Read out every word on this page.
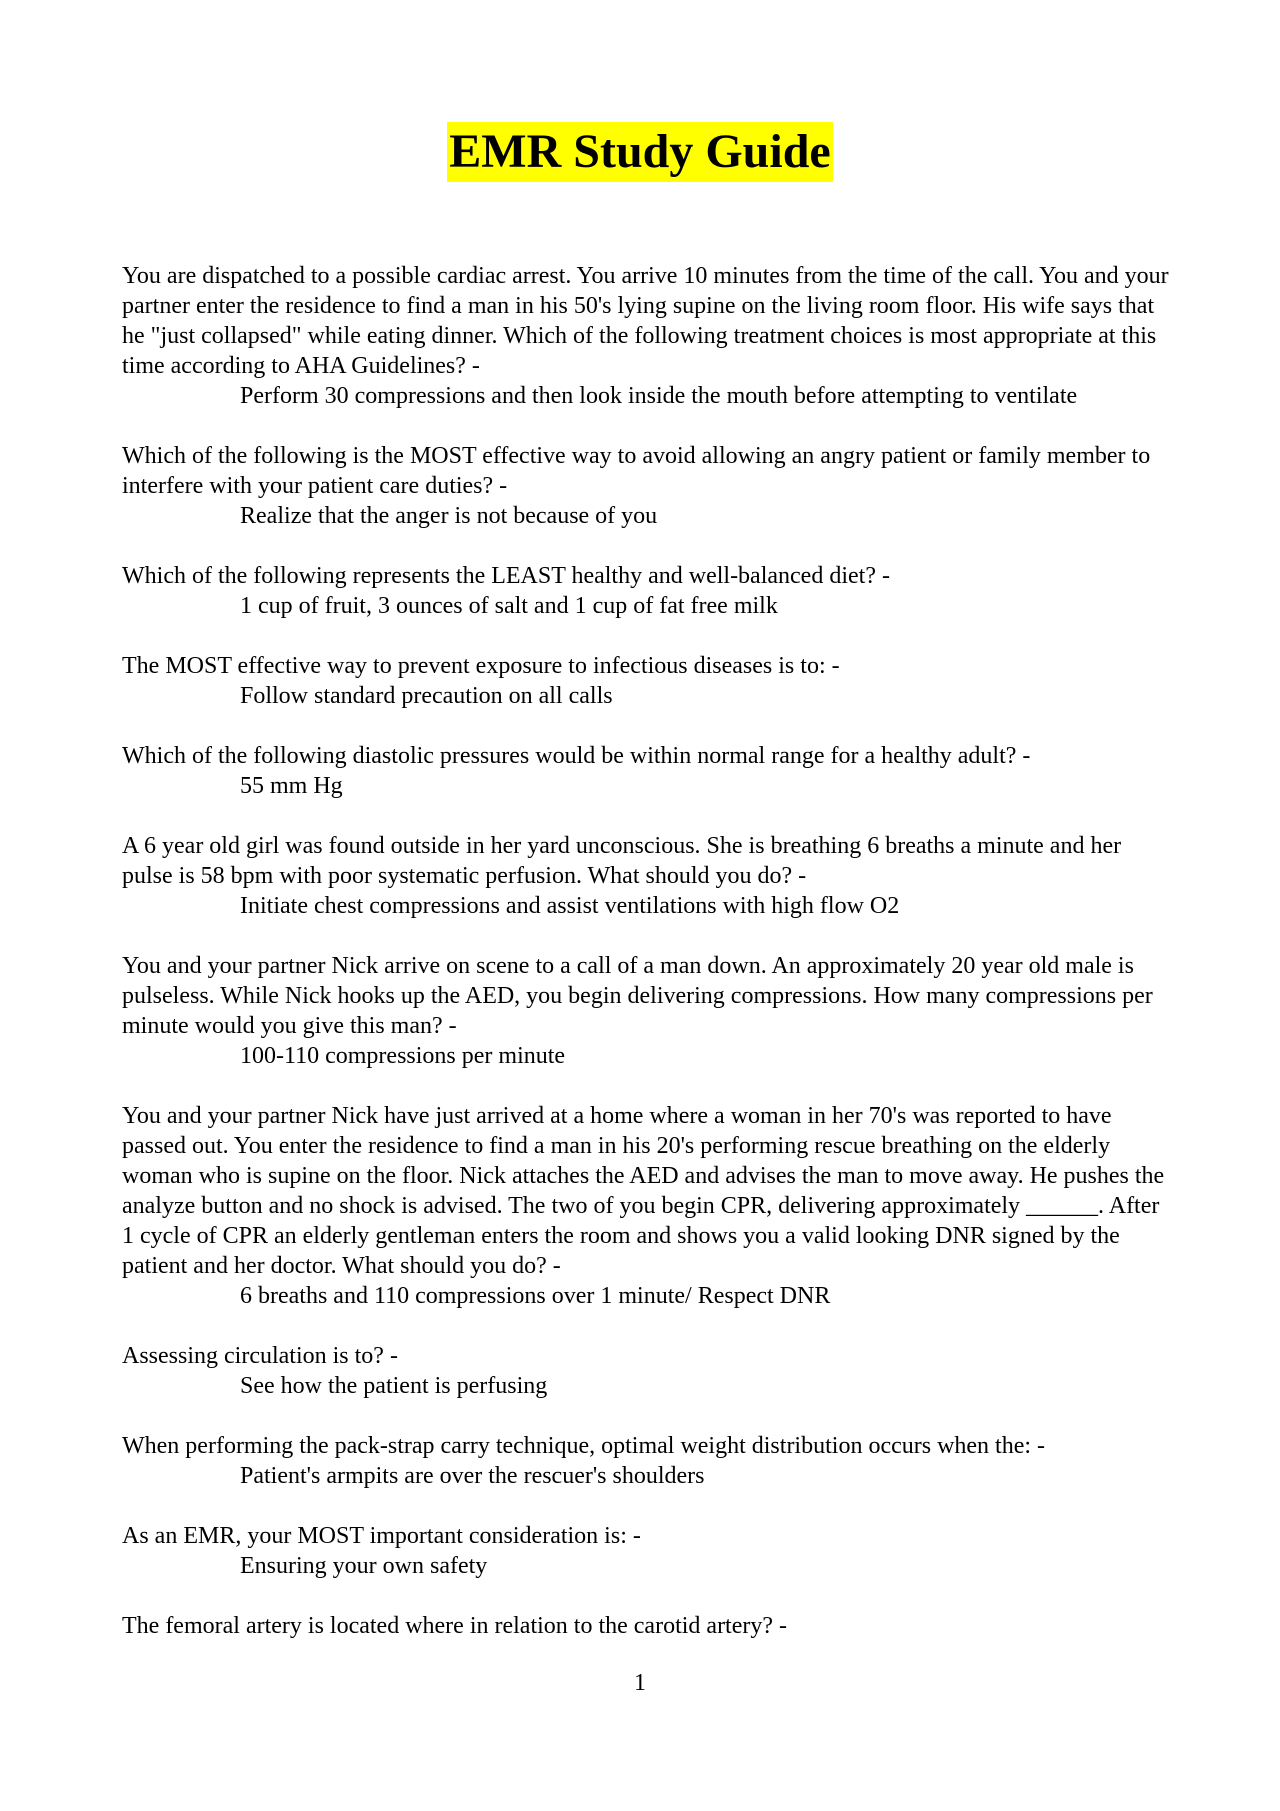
EMR Study Guide
You are dispatched to a possible cardiac arrest. You arrive 10 minutes from the time of the call. You and your partner enter the residence to find a man in his 50's lying supine on the living room floor. His wife says that he "just collapsed" while eating dinner. Which of the following treatment choices is most appropriate at this time according to AHA Guidelines? -
Perform 30 compressions and then look inside the mouth before attempting to ventilate
Which of the following is the MOST effective way to avoid allowing an angry patient or family member to interfere with your patient care duties? -
Realize that the anger is not because of you
Which of the following represents the LEAST healthy and well-balanced diet? -
1 cup of fruit, 3 ounces of salt and 1 cup of fat free milk
The MOST effective way to prevent exposure to infectious diseases is to: -
Follow standard precaution on all calls
Which of the following diastolic pressures would be within normal range for a healthy adult? -
55 mm Hg
A 6 year old girl was found outside in her yard unconscious. She is breathing 6 breaths a minute and her pulse is 58 bpm with poor systematic perfusion. What should you do? -
Initiate chest compressions and assist ventilations with high flow O2
You and your partner Nick arrive on scene to a call of a man down. An approximately 20 year old male is pulseless. While Nick hooks up the AED, you begin delivering compressions. How many compressions per minute would you give this man? -
100-110 compressions per minute
You and your partner Nick have just arrived at a home where a woman in her 70's was reported to have passed out. You enter the residence to find a man in his 20's performing rescue breathing on the elderly woman who is supine on the floor. Nick attaches the AED and advises the man to move away. He pushes the analyze button and no shock is advised. The two of you begin CPR, delivering approximately ______. After 1 cycle of CPR an elderly gentleman enters the room and shows you a valid looking DNR signed by the patient and her doctor. What should you do? -
6 breaths and 110 compressions over 1 minute/ Respect DNR
Assessing circulation is to? -
See how the patient is perfusing
When performing the pack-strap carry technique, optimal weight distribution occurs when the: -
Patient's armpits are over the rescuer's shoulders
As an EMR, your MOST important consideration is: -
Ensuring your own safety
The femoral artery is located where in relation to the carotid artery? -
1
